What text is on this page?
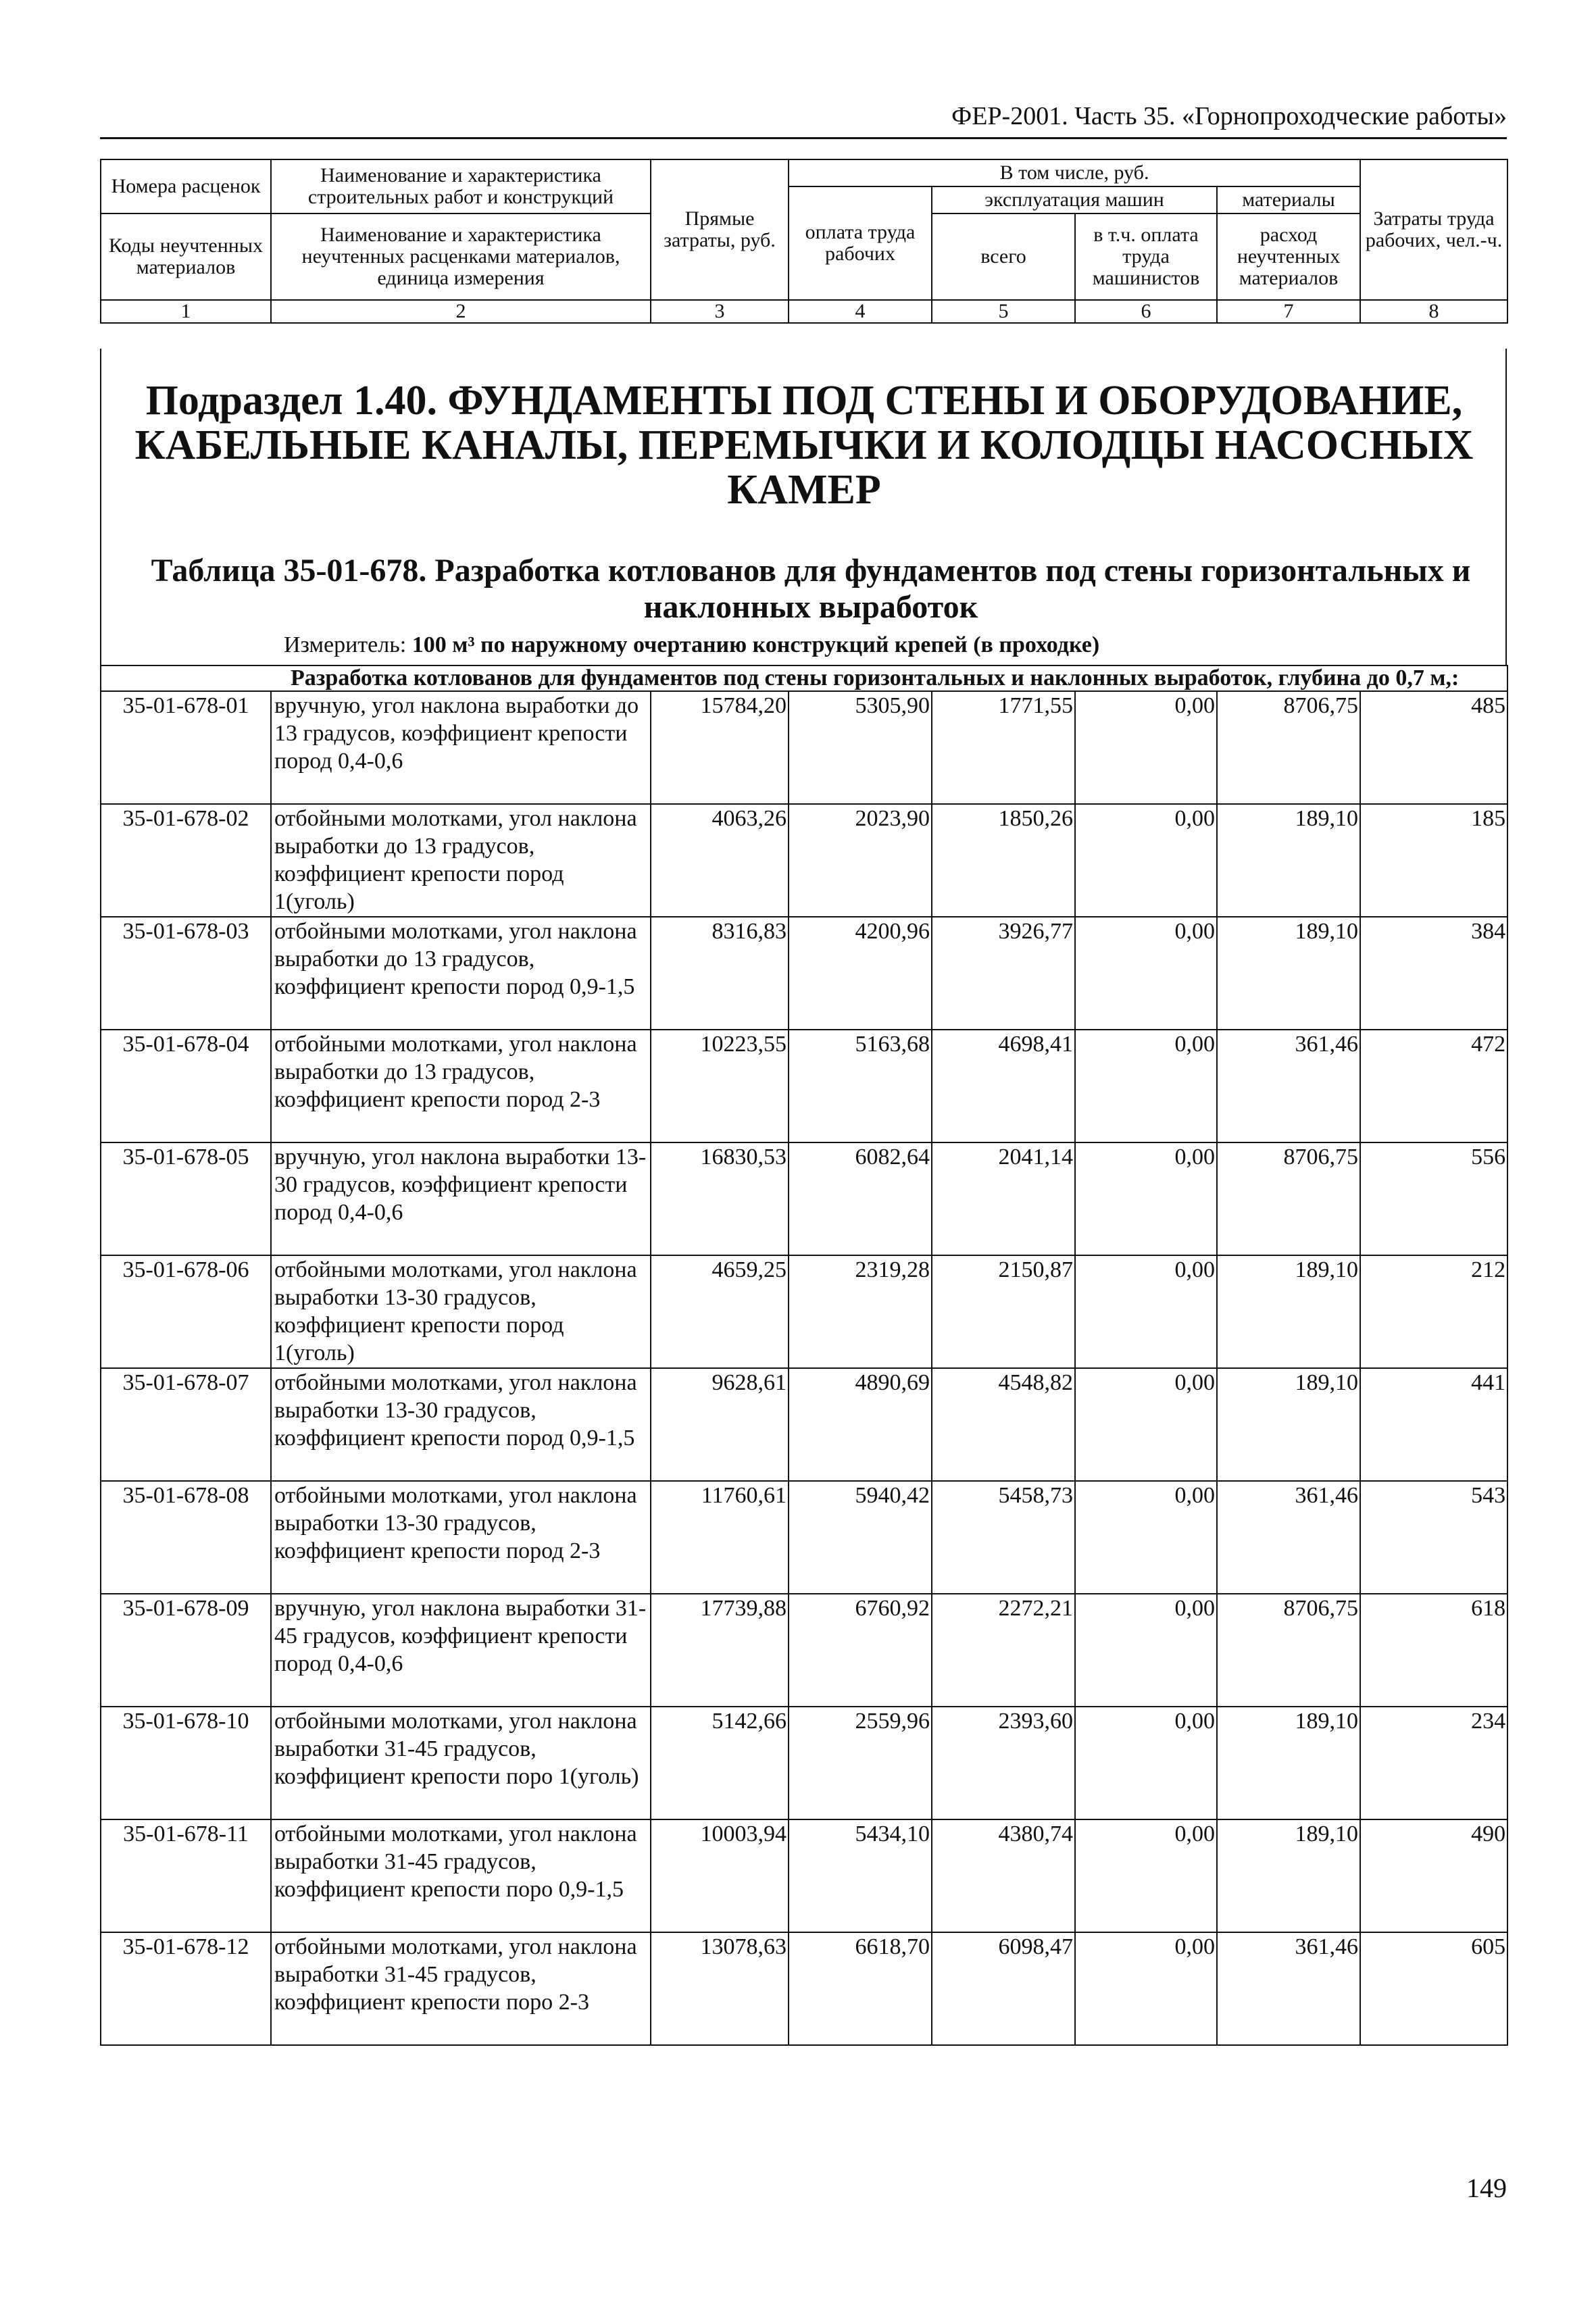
ФЕР-2001. Часть 35. «Горнопроходческие работы»
Номера расценок	Наименование и характеристика строительных работ и конструкций	Прямые затраты, руб.	В том числе, руб.				Затраты труда рабочих, чел.-ч.
			оплата труда рабочих	эксплуатация машин		материалы	
Коды неучтенных материалов	Наименование и характеристика неучтенных расценками материалов, единица измерения			всего	в т.ч. оплата труда машинистов	расход неучтенных материалов	

1	2	3	4	5	6	7	8
Подраздел 1.40. ФУНДАМЕНТЫ ПОД СТЕНЫ И ОБОРУДОВАНИЕ, КАБЕЛЬНЫЕ КАНАЛЫ, ПЕРЕМЫЧКИ И КОЛОДЦЫ НАСОСНЫХ КАМЕР
Таблица 35-01-678. Разработка котлованов для фундаментов под стены горизонтальных и наклонных выработок
Измеритель: 100 м³ по наружному очертанию конструкций крепей (в проходке)
Разработка котлованов для фундаментов под стены горизонтальных и наклонных выработок, глубина до 0,7 м,:							
35-01-678-01	вручную, угол наклона выработки до 13 градусов, коэффициент крепости пород 0,4-0,6	15784,20	5305,90	1771,55	0,00	8706,75	485
35-01-678-02	отбойными молотками, угол наклона выработки до 13 градусов, коэффициент крепости пород 1(уголь)	4063,26	2023,90	1850,26	0,00	189,10	185
35-01-678-03	отбойными молотками, угол наклона выработки до 13 градусов, коэффициент крепости пород 0,9-1,5	8316,83	4200,96	3926,77	0,00	189,10	384
35-01-678-04	отбойными молотками, угол наклона выработки до 13 градусов, коэффициент крепости пород 2-3	10223,55	5163,68	4698,41	0,00	361,46	472
35-01-678-05	вручную, угол наклона выработки 13-30 градусов, коэффициент крепости пород 0,4-0,6	16830,53	6082,64	2041,14	0,00	8706,75	556
35-01-678-06	отбойными молотками, угол наклона выработки 13-30 градусов, коэффициент крепости пород 1(уголь)	4659,25	2319,28	2150,87	0,00	189,10	212
35-01-678-07	отбойными молотками, угол наклона выработки 13-30 градусов, коэффициент крепости пород 0,9-1,5	9628,61	4890,69	4548,82	0,00	189,10	441
35-01-678-08	отбойными молотками, угол наклона выработки 13-30 градусов, коэффициент крепости пород 2-3	11760,61	5940,42	5458,73	0,00	361,46	543
35-01-678-09	вручную, угол наклона выработки 31-45 градусов, коэффициент крепости пород 0,4-0,6	17739,88	6760,92	2272,21	0,00	8706,75	618
35-01-678-10	отбойными молотками, угол наклона выработки 31-45 градусов, коэффициент крепости поро 1(уголь)	5142,66	2559,96	2393,60	0,00	189,10	234
35-01-678-11	отбойными молотками, угол наклона выработки 31-45 градусов, коэффициент крепости поро 0,9-1,5	10003,94	5434,10	4380,74	0,00	189,10	490
35-01-678-12	отбойными молотками, угол наклона выработки 31-45 градусов, коэффициент крепости поро 2-3	13078,63	6618,70	6098,47	0,00	361,46	605
149
